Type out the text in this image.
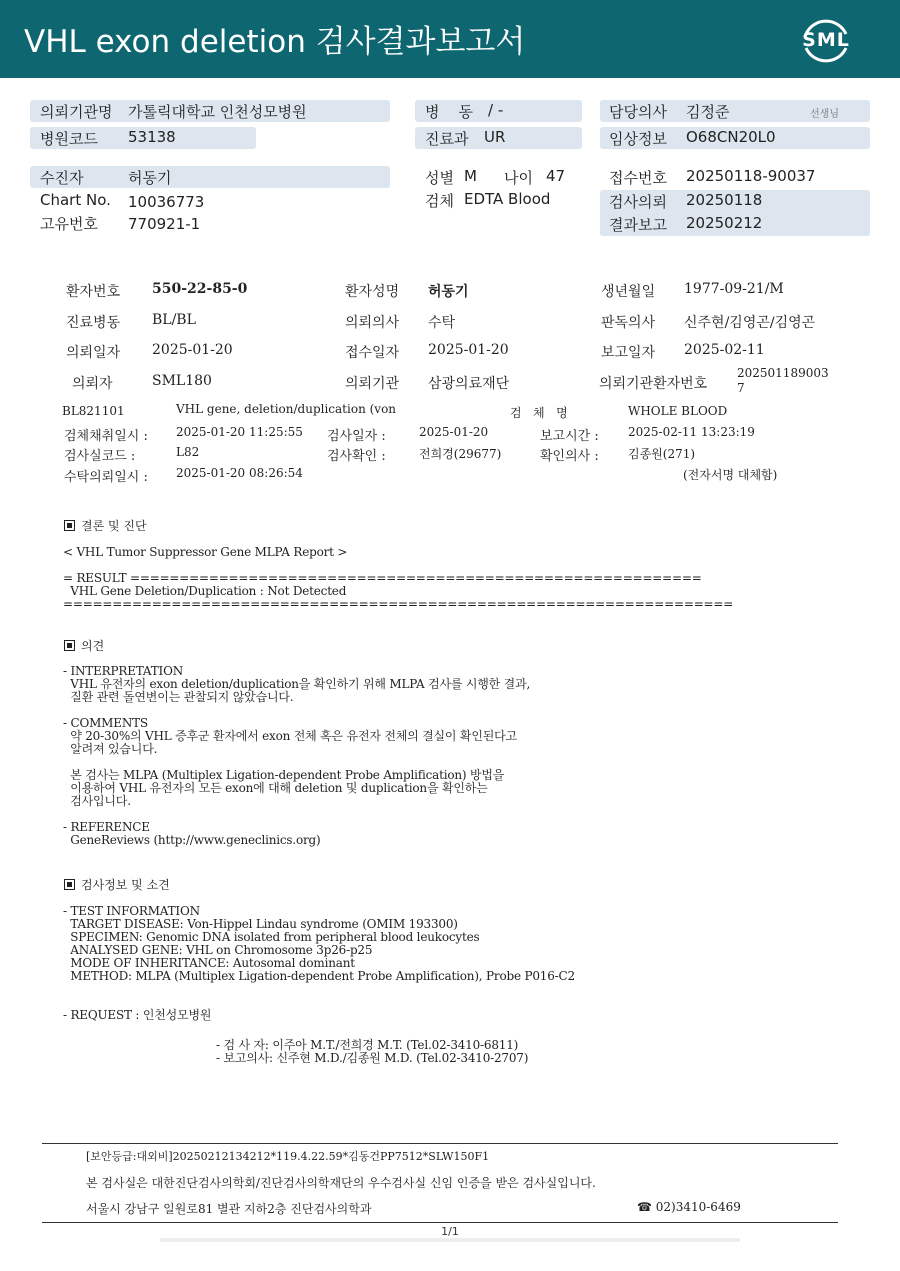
VHL exon deletion 검사결과보고서	SML
의뢰기관명 가톨릭대학교 인천성모병원
병원코드 53138
병    동 / -
진료과 UR
담당의사 김정준	선생님
임상정보 O68CN20L0
수진자	허동기
Chart No. 10036773
고유번호 770921-1
성별 M 나이 47
검체 EDTA Blood
접수번호 20250118-90037
검사의뢰 20250118
결과보고 20250212
환자번호 550-22-85-0	환자성명 허동기	생년월일 1977-09-21/M
진료병동 BL/BL	의뢰의사 수탁	판독의사 신주현/김영곤/김영곤
의뢰일자 2025-01-20	접수일자 2025-01-20	보고일자 2025-02-11
의뢰자	SML180	의뢰기관 삼광의료재단	의뢰기관환자번호
202501189003
7
BL821101	VHL gene, deletion/duplication (von	검   체   명	WHOLE BLOOD
검체채취일시 : 2025-01-20 11:25:55 검사일자 :	2025-01-20	보고시간 : 2025-02-11 13:23:19
검사실코드 :	L82	검사확인 :	전희경(29677)	확인의사 : 김종원(271)
수탁의뢰일시 : 2025-01-20 08:26:54	(전자서명 대체함)
결론 및 진단
< VHL Tumor Suppressor Gene MLPA Report >

= RESULT ==========================================================
VHL Gene Deletion/Duplication : Not Detected
====================================================================
의견
- INTERPRETATION
VHL 유전자의 exon deletion/duplication을 확인하기 위해 MLPA 검사를 시행한 결과,
질환 관련 돌연변이는 관찰되지 않았습니다.

- COMMENTS
약 20-30%의 VHL 증후군 환자에서 exon 전체 혹은 유전자 전체의 결실이 확인된다고
알려져 있습니다.

본 검사는 MLPA (Multiplex Ligation-dependent Probe Amplification) 방법을
이용하여 VHL 유전자의 모든 exon에 대해 deletion 및 duplication을 확인하는
검사입니다.

- REFERENCE
GeneReviews (http://www.geneclinics.org)
검사정보 및 소견
- TEST INFORMATION
TARGET DISEASE: Von-Hippel Lindau syndrome (OMIM 193300)
SPECIMEN: Genomic DNA isolated from peripheral blood leukocytes
ANALYSED GENE: VHL on Chromosome 3p26-p25
MODE OF INHERITANCE: Autosomal dominant
METHOD: MLPA (Multiplex Ligation-dependent Probe Amplification), Probe P016-C2

- REQUEST : 인천성모병원
- 검 사 자: 이주아 M.T./전희경 M.T. (Tel.02-3410-6811)
- 보고의사: 신주현 M.D./김종원 M.D. (Tel.02-3410-2707)
[보안등급:대외비]20250212134212*119.4.22.59*김동건PP7512*SLW150F1
본 검사실은 대한진단검사의학회/진단검사의학재단의 우수검사실 신임 인증을 받은 검사실입니다.
서울시 강남구 일원로81 별관 지하2층 진단검사의학과	☎ 02)3410-6469
1/1
